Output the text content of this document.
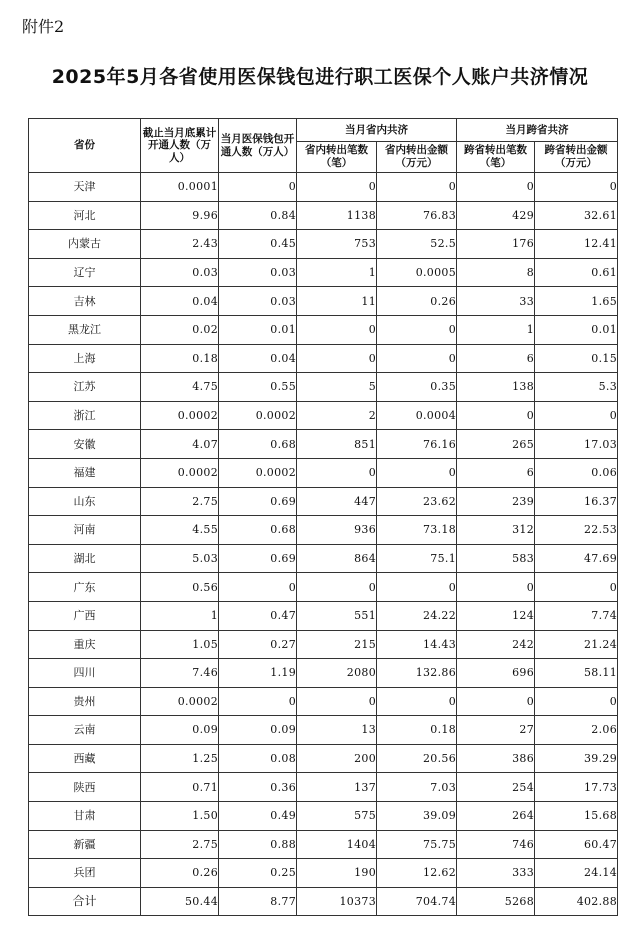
附件2
2025年5月各省使用医保钱包进行职工医保个人账户共济情况
省份	截止当月底累计开通人数（万人）	当月医保钱包开通人数（万人）	当月省内共济		当月跨省共济	
			省内转出笔数（笔）	省内转出金额（万元）	跨省转出笔数（笔）	跨省转出金额（万元）
天津	0.0001	0	0	0	0	0
河北	9.96	0.84	1138	76.83	429	32.61
内蒙古	2.43	0.45	753	52.5	176	12.41
辽宁	0.03	0.03	1	0.0005	8	0.61
吉林	0.04	0.03	11	0.26	33	1.65
黑龙江	0.02	0.01	0	0	1	0.01
上海	0.18	0.04	0	0	6	0.15
江苏	4.75	0.55	5	0.35	138	5.3
浙江	0.0002	0.0002	2	0.0004	0	0
安徽	4.07	0.68	851	76.16	265	17.03
福建	0.0002	0.0002	0	0	6	0.06
山东	2.75	0.69	447	23.62	239	16.37
河南	4.55	0.68	936	73.18	312	22.53
湖北	5.03	0.69	864	75.1	583	47.69
广东	0.56	0	0	0	0	0
广西	1	0.47	551	24.22	124	7.74
重庆	1.05	0.27	215	14.43	242	21.24
四川	7.46	1.19	2080	132.86	696	58.11
贵州	0.0002	0	0	0	0	0
云南	0.09	0.09	13	0.18	27	2.06
西藏	1.25	0.08	200	20.56	386	39.29
陕西	0.71	0.36	137	7.03	254	17.73
甘肃	1.50	0.49	575	39.09	264	15.68
新疆	2.75	0.88	1404	75.75	746	60.47
兵团	0.26	0.25	190	12.62	333	24.14
合计	50.44	8.77	10373	704.74	5268	402.88
